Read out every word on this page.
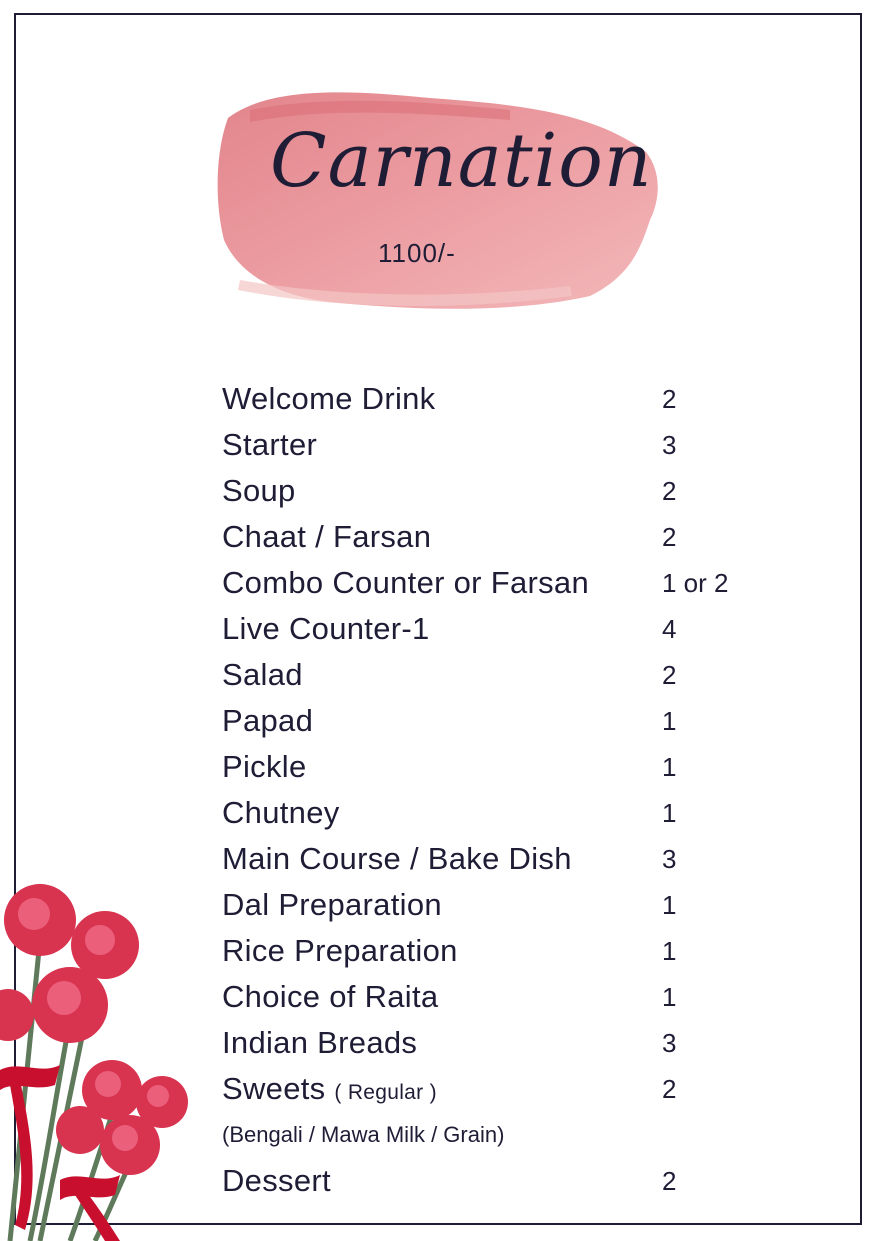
Carnation
1100/-
Welcome Drink	2
Starter	3
Soup	2
Chaat / Farsan	2
Combo Counter or Farsan	1 or 2
Live Counter-1	4
Salad	2
Papad	1
Pickle	1
Chutney	1
Main Course / Bake Dish	3
Dal Preparation	1
Rice Preparation	1
Choice of Raita	1
Indian Breads	3
Sweets ( Regular )	2
(Bengali / Mawa Milk / Grain)
Dessert	2
